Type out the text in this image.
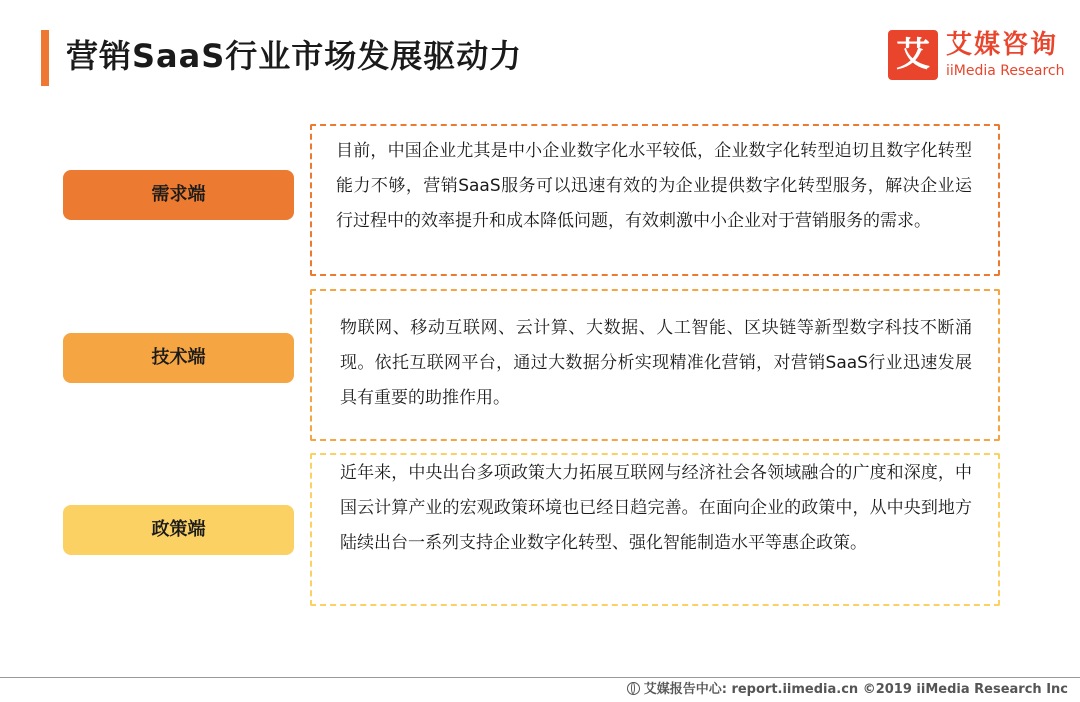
营销SaaS行业市场发展驱动力	艾 艾媒咨询
iiMedia Research
需求端
目前，中国企业尤其是中小企业数字化水平较低，企业数字化转型迫切且数字化转型能力不够，营销SaaS服务可以迅速有效的为企业提供数字化转型服务，解决企业运行过程中的效率提升和成本降低问题，有效刺激中小企业对于营销服务的需求。
技术端
物联网、移动互联网、云计算、大数据、人工智能、区块链等新型数字科技不断涌现。依托互联网平台，通过大数据分析实现精准化营销，对营销SaaS行业迅速发展具有重要的助推作用。
政策端
近年来，中央出台多项政策大力拓展互联网与经济社会各领域融合的广度和深度，中国云计算产业的宏观政策环境也已经日趋完善。在面向企业的政策中，从中央到地方陆续出台一系列支持企业数字化转型、强化智能制造水平等惠企政策。
艾媒报告中心: report.iimedia.cn ©2019 iiMedia Research Inc
